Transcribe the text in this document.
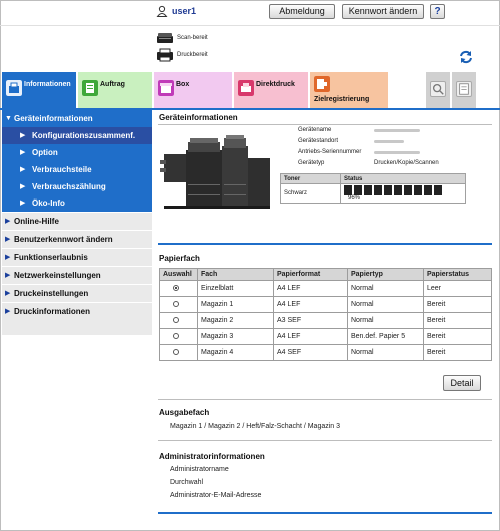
user1	Abmeldung	Kennwort ändern	?
Scan-bereit
Druckbereit
Informationen	Auftrag	Box	Direktdruck
Zielregistrierung
▼ Geräteinformationen
▶ Konfigurationszusammenf.
▶ Option
▶ Verbrauchsteile
▶ Verbrauchszählung
▶ Öko-Info
▶ Online-Hilfe
▶ Benutzerkennwort ändern
▶ Funktionserlaubnis
▶ Netzwerkeinstellungen
▶ Druckeinstellungen
▶ Druckinformationen
Geräteinformationen
Gerätename
Gerätestandort
Antriebs-Seriennummer
Gerätetyp	Drucken/Kopie/Scannen
Toner	Status
Schwarz	96%
Papierfach
Auswahl	Fach	Papierformat	Papiertyp	Papierstatus
	Einzelblatt	A4 LEF	Normal	Leer
	Magazin 1	A4 LEF	Normal	Bereit
	Magazin 2	A3 SEF	Normal	Bereit
	Magazin 3	A4 LEF	Ben.def. Papier 5	Bereit
	Magazin 4	A4 SEF	Normal	Bereit
Detail
Ausgabefach
Magazin 1 / Magazin 2 / Heft/Falz-Schacht / Magazin 3
Administratorinformationen
Administratorname
Durchwahl
Administrator-E-Mail-Adresse
